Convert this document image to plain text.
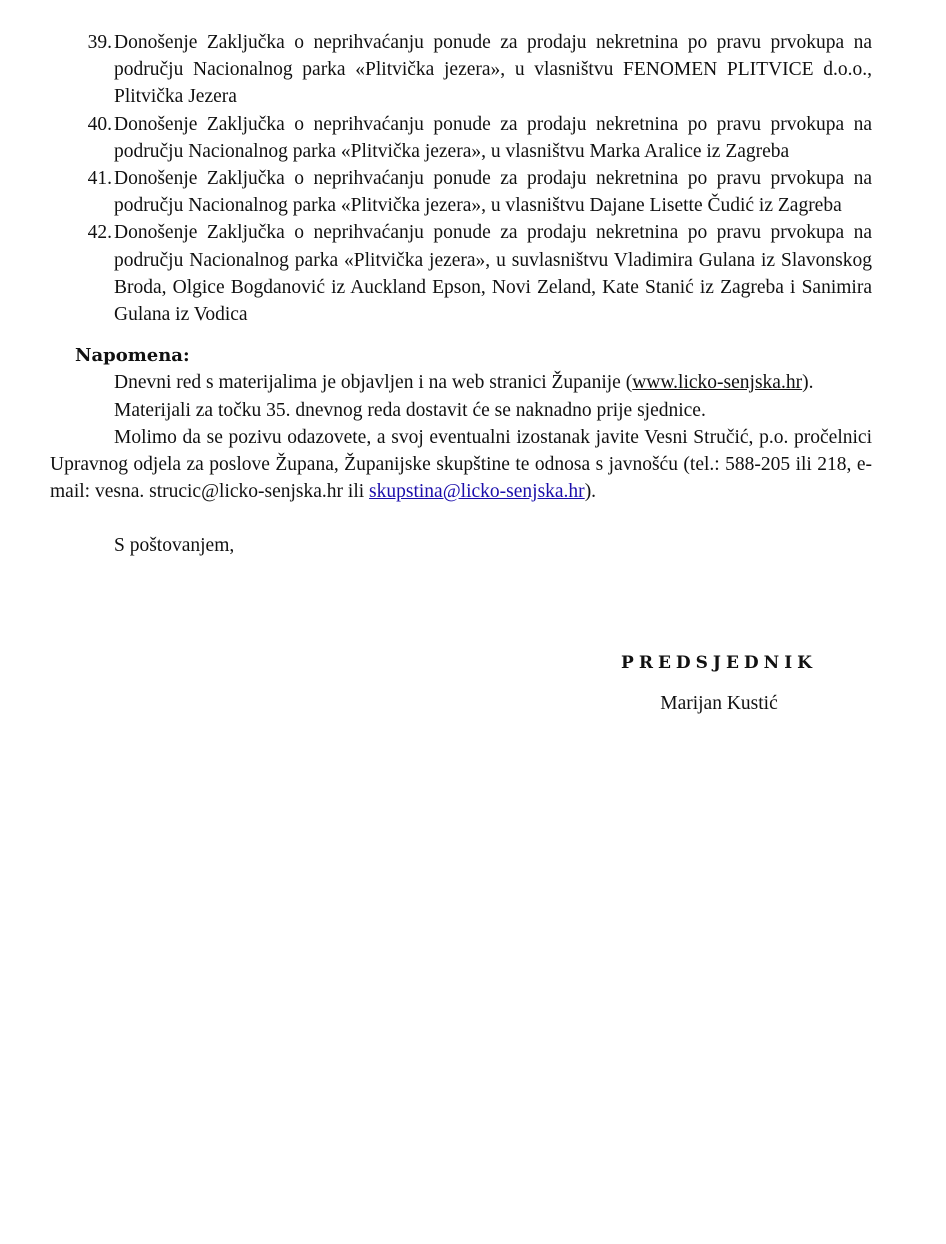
39. Donošenje Zaključka o neprihvaćanju ponude za prodaju nekretnina po pravu prvokupa na području Nacionalnog parka «Plitvička jezera», u vlasništvu FENOMEN PLITVICE d.o.o., Plitvička Jezera
40. Donošenje Zaključka o neprihvaćanju ponude za prodaju nekretnina po pravu prvokupa na području Nacionalnog parka «Plitvička jezera», u vlasništvu Marka Aralice iz Zagreba
41. Donošenje Zaključka o neprihvaćanju ponude za prodaju nekretnina po pravu prvokupa na području Nacionalnog parka «Plitvička jezera», u vlasništvu Dajane Lisette Čudić iz Zagreba
42. Donošenje Zaključka o neprihvaćanju ponude za prodaju nekretnina po pravu prvokupa na području Nacionalnog parka «Plitvička jezera», u suvlasništvu Vladimira Gulana iz Slavonskog Broda, Olgice Bogdanović iz Auckland Epson, Novi Zeland, Kate Stanić iz Zagreba i Sanimira Gulana iz Vodica
Napomena:

Dnevni red s materijalima je objavljen i na web stranici Županije (www.licko-senjska.hr).

Materijali za točku 35. dnevnog reda dostavit će se naknadno prije sjednice.

Molimo da se pozivu odazovete, a svoj eventualni izostanak javite Vesni Stručić, p.o. pročelnici Upravnog odjela za poslove Župana, Županijske skupštine te odnosa s javnošću (tel.: 588-205 ili 218, e-mail: vesna. strucic@licko-senjska.hr ili skupstina@licko-senjska.hr).

S poštovanjem,
PREDSJEDNIK
Marijan Kustić
